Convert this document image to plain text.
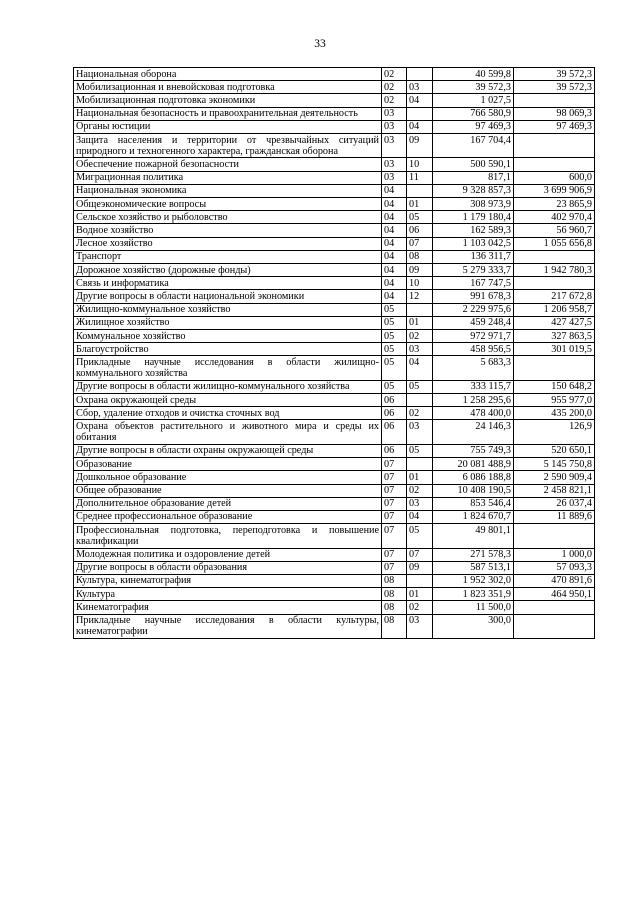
33
Национальная оборона	02		40 599,8	39 572,3
Мобилизационная и вневойсковая подготовка	02	03	39 572,3	39 572,3
Мобилизационная подготовка экономики	02	04	1 027,5	
Национальная безопасность и правоохранительная деятельность	03		766 580,9	98 069,3
Органы юстиции	03	04	97 469,3	97 469,3
Защита населения и территории от чрезвычайных ситуаций природного и техногенного характера, гражданская оборона	03	09	167 704,4	
Обеспечение пожарной безопасности	03	10	500 590,1	
Миграционная политика	03	11	817,1	600,0
Национальная экономика	04		9 328 857,3	3 699 906,9
Общеэкономические вопросы	04	01	308 973,9	23 865,9
Сельское хозяйство и рыболовство	04	05	1 179 180,4	402 970,4
Водное хозяйство	04	06	162 589,3	56 960,7
Лесное хозяйство	04	07	1 103 042,5	1 055 656,8
Транспорт	04	08	136 311,7	
Дорожное хозяйство (дорожные фонды)	04	09	5 279 333,7	1 942 780,3
Связь и информатика	04	10	167 747,5	
Другие вопросы в области национальной экономики	04	12	991 678,3	217 672,8
Жилищно-коммунальное хозяйство	05		2 229 975,6	1 206 958,7
Жилищное хозяйство	05	01	459 248,4	427 427,5
Коммунальное хозяйство	05	02	972 971,7	327 863,5
Благоустройство	05	03	458 956,5	301 019,5
Прикладные научные исследования в области жилищно- коммунального хозяйства	05	04	5 683,3	
Другие вопросы в области жилищно-коммунального хозяйства	05	05	333 115,7	150 648,2
Охрана окружающей среды	06		1 258 295,6	955 977,0
Сбор, удаление отходов и очистка сточных вод	06	02	478 400,0	435 200,0
Охрана объектов растительного и животного мира и среды их обитания	06	03	24 146,3	126,9
Другие вопросы в области охраны окружающей среды	06	05	755 749,3	520 650,1
Образование	07		20 081 488,9	5 145 750,8
Дошкольное образование	07	01	6 086 188,8	2 590 909,4
Общее образование	07	02	10 408 190,5	2 458 821,1
Дополнительное образование детей	07	03	853 546,4	26 037,4
Среднее профессиональное образование	07	04	1 824 670,7	11 889,6
Профессиональная подготовка, переподготовка и повышение квалификации	07	05	49 801,1	
Молодежная политика и оздоровление детей	07	07	271 578,3	1 000,0
Другие вопросы в области образования	07	09	587 513,1	57 093,3
Культура, кинематография	08		1 952 302,0	470 891,6
Культура	08	01	1 823 351,9	464 950,1
Кинематография	08	02	11 500,0	
Прикладные научные исследования в области культуры, кинематографии	08	03	300,0	
